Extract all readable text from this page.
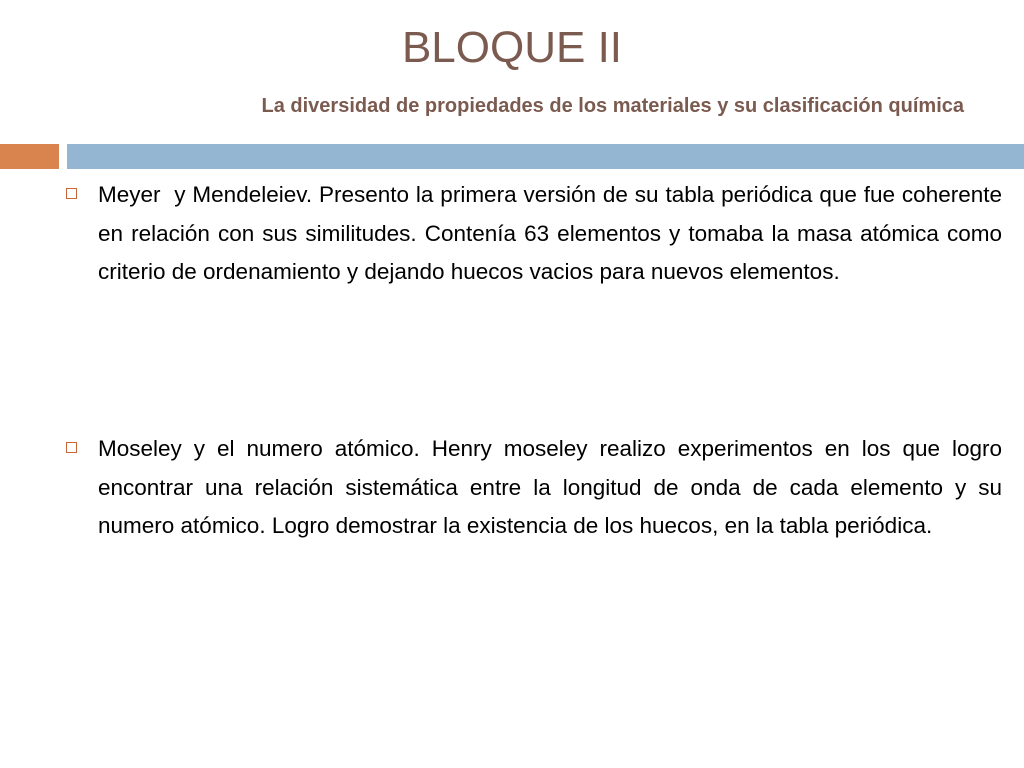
BLOQUE II
La diversidad de propiedades de los materiales y su clasificación química

Meyer  y Mendeleiev. Presento la primera versión de su tabla periódica que fue coherente en relación con sus similitudes. Contenía 63 elementos y tomaba la masa atómica como criterio de ordenamiento y dejando huecos vacios para nuevos elementos.

Moseley y el numero atómico. Henry moseley realizo experimentos en los que logro encontrar una relación sistemática entre la longitud de onda de cada elemento y su numero atómico. Logro demostrar la existencia de los huecos, en la tabla periódica.
